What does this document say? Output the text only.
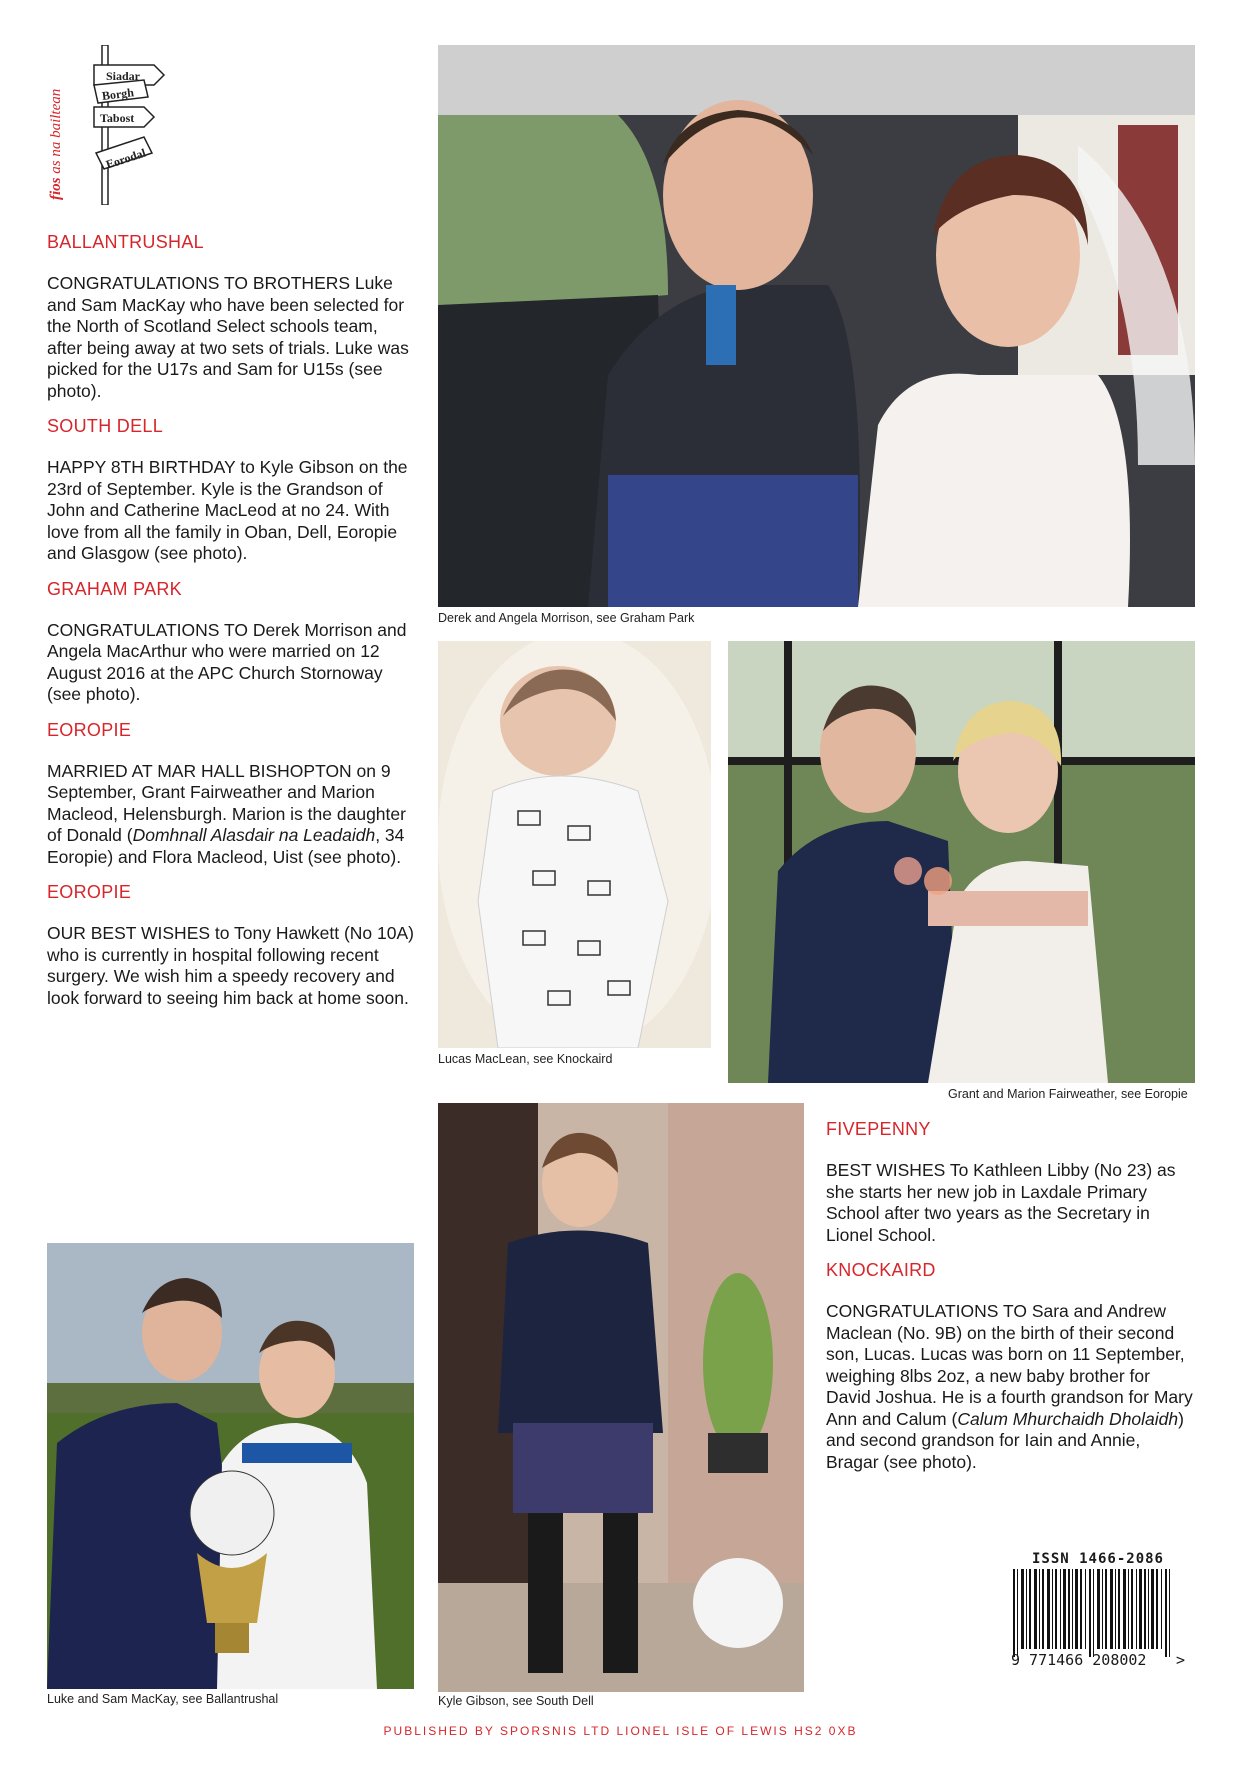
Siadar
Borgh
Tabost
Eorodal
fios as na bailtean
BALLANTRUSHAL

CONGRATULATIONS TO BROTHERS Luke and Sam MacKay who have been selected for the North of Scotland Select schools team, after being away at two sets of trials. Luke was picked for the U17s and Sam for U15s (see photo).

SOUTH DELL

HAPPY 8TH BIRTHDAY to Kyle Gibson on the 23rd of September. Kyle is the Grandson of John and Catherine MacLeod at no 24. With love from all the family in Oban, Dell, Eoropie and Glasgow (see photo).

GRAHAM PARK

CONGRATULATIONS TO Derek Morrison and Angela MacArthur who were married on 12 August 2016 at the APC Church Stornoway (see photo).

EOROPIE

MARRIED AT MAR HALL BISHOPTON on 9 September, Grant Fairweather and Marion Macleod, Helensburgh. Marion is the daughter of Donald (Domhnall Alasdair na Leadaidh, 34 Eoropie) and Flora Macleod, Uist (see photo).

EOROPIE

OUR BEST WISHES to Tony Hawkett (No 10A) who is currently in hospital following recent surgery. We wish him a speedy recovery and look forward to seeing him back at home soon.

Derek and Angela Morrison, see Graham Park
Lucas MacLean, see Knockaird
Grant and Marion Fairweather, see Eoropie
Luke and Sam MacKay, see Ballantrushal	Kyle Gibson, see South Dell
FIVEPENNY

BEST WISHES To Kathleen Libby (No 23) as she starts her new job in Laxdale Primary School after two years as the Secretary in Lionel School.

KNOCKAIRD

CONGRATULATIONS TO Sara and Andrew Maclean (No. 9B) on the birth of their second son, Lucas. Lucas was born on 11 September, weighing 8lbs 2oz, a new baby brother for David Joshua. He is a fourth grandson for Mary Ann and Calum (Calum Mhurchaidh Dholaidh) and second grandson for Iain and Annie, Bragar (see photo).

ISSN 1466-2086
9 771466 208002 >
PUBLISHED BY SPORSNIS LTD LIONEL ISLE OF LEWIS HS2 0XB
